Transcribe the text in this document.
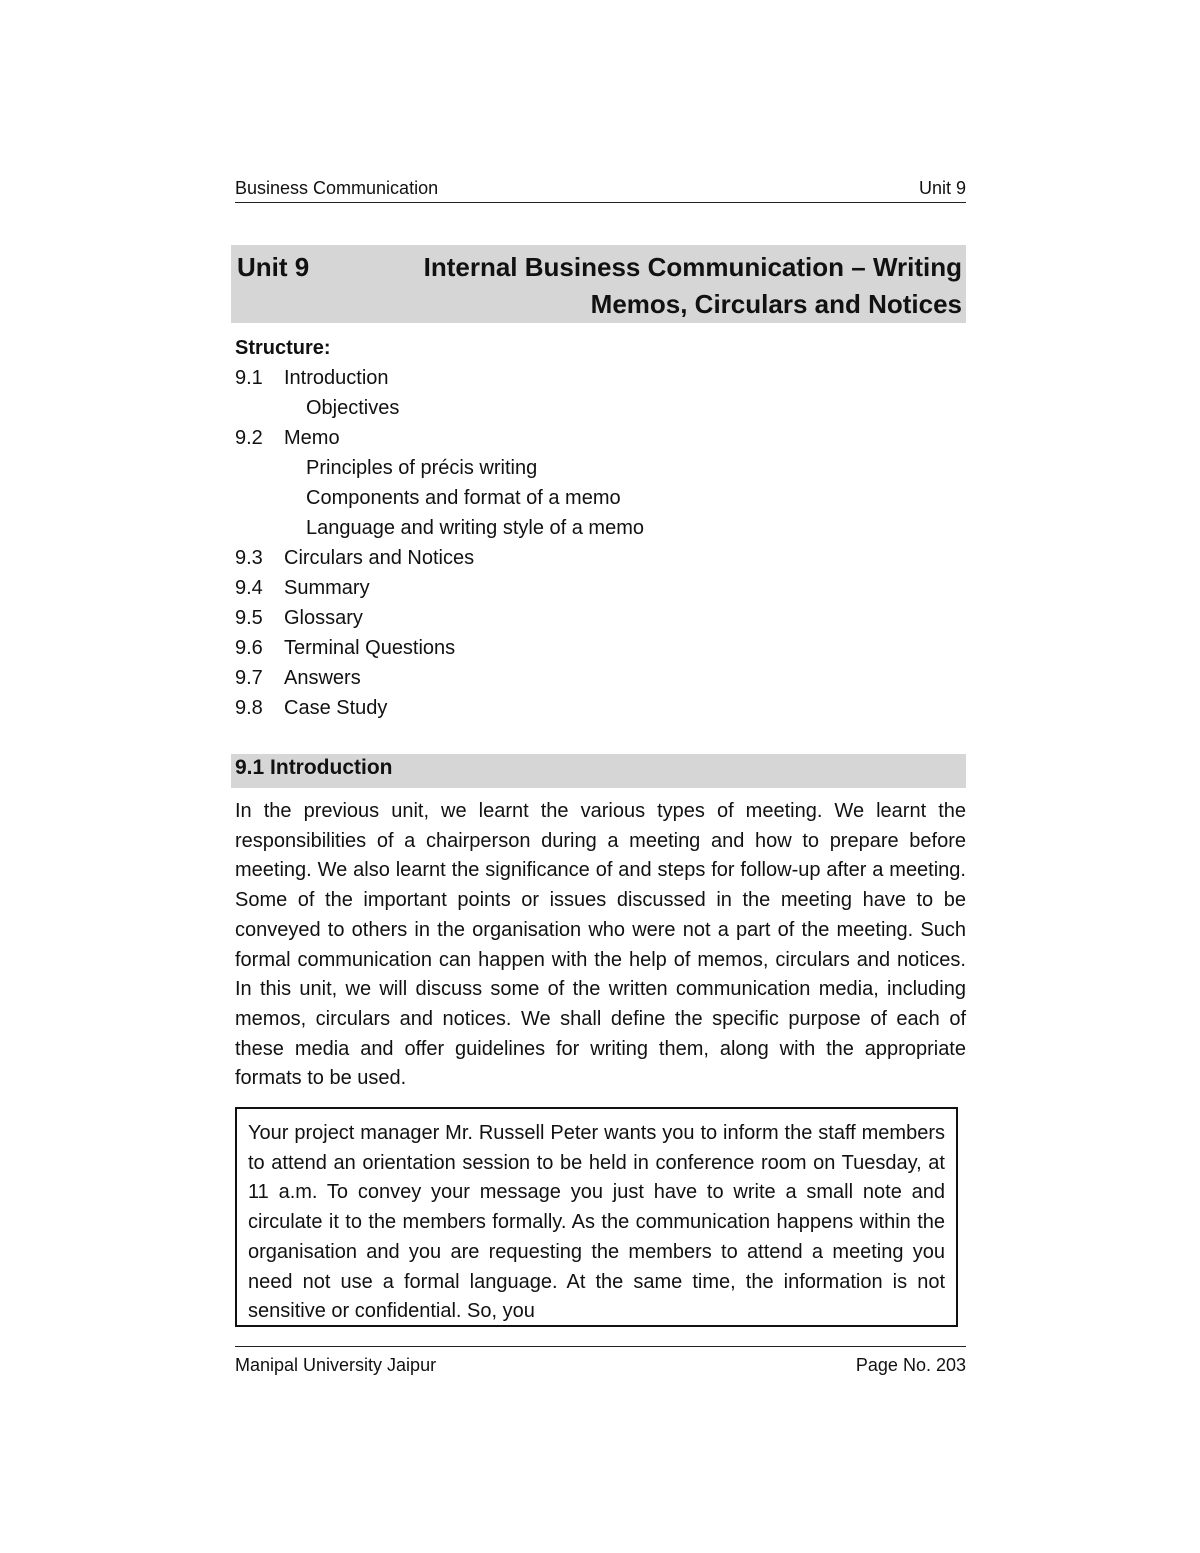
Business Communication	Unit 9
Unit 9	Internal Business Communication – Writing
Memos, Circulars and Notices

Structure:

9.1 Introduction
Objectives
9.2 Memo
Principles of précis writing
Components and format of a memo
Language and writing style of a memo
9.3 Circulars and Notices
9.4 Summary
9.5 Glossary
9.6 Terminal Questions
9.7 Answers
9.8 Case Study
9.1 Introduction

In the previous unit, we learnt the various types of meeting. We learnt the responsibilities of a chairperson during a meeting and how to prepare before meeting. We also learnt the significance of and steps for follow-up after a meeting. Some of the important points or issues discussed in the meeting have to be conveyed to others in the organisation who were not a part of the meeting. Such formal communication can happen with the help of memos, circulars and notices. In this unit, we will discuss some of the written communication media, including memos, circulars and notices. We shall define the specific purpose of each of these media and offer guidelines for writing them, along with the appropriate formats to be used.

Your project manager Mr. Russell Peter wants you to inform the staff members to attend an orientation session to be held in conference room on Tuesday, at 11 a.m. To convey your message you just have to write a small note and circulate it to the members formally. As the communication happens within the organisation and you are requesting the members to attend a meeting you need not use a formal language. At the same time, the information is not sensitive or confidential. So, you

Manipal University Jaipur	Page No. 203
